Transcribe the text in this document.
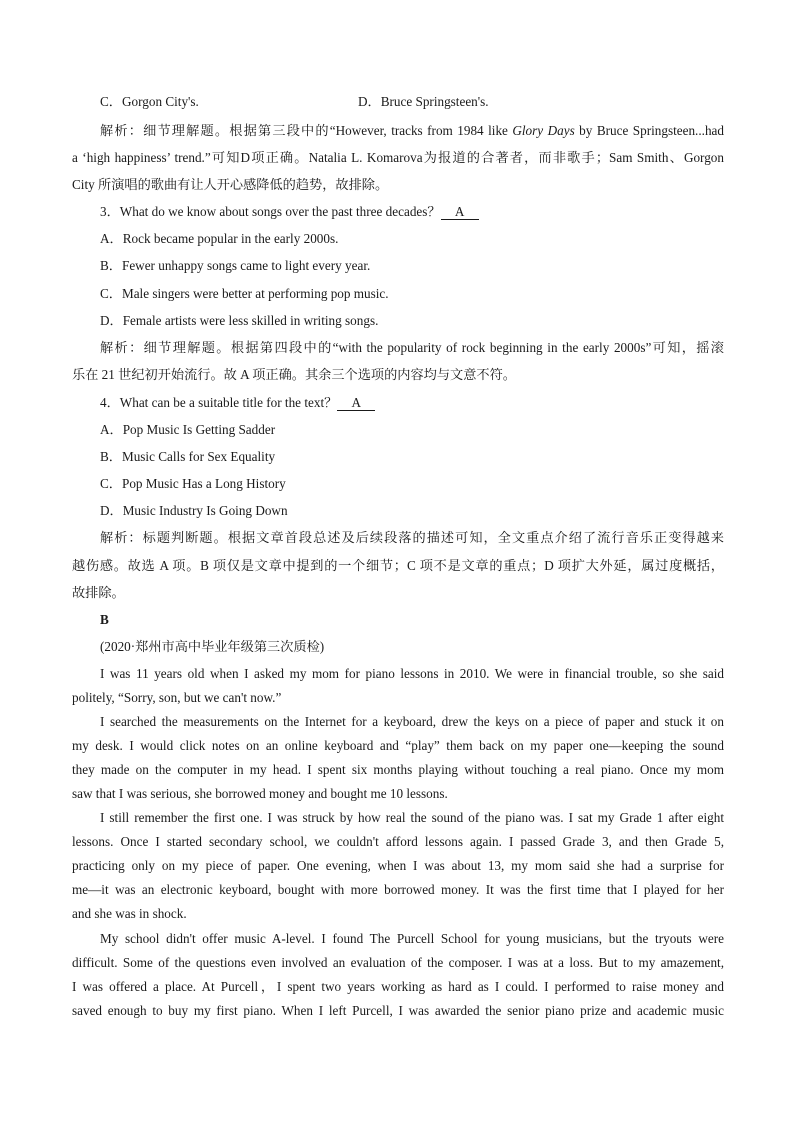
C．Gorgon City's.	D．Bruce Springsteen's.
解析：细节理解题。根据第三段中的“However, tracks from 1984 like Glory Days by Bruce Springsteen...had
a ‘high happiness’ trend.”可知D项正确。Natalia L. Komarova为报道的合著者，而非歌手；Sam Smith、Gorgon
City 所演唱的歌曲有让人开心感降低的趋势，故排除。
3．What do we know about songs over the past three decades？ A
A．Rock became popular in the early 2000s.
B．Fewer unhappy songs came to light every year.
C．Male singers were better at performing pop music.
D．Female artists were less skilled in writing songs.
解析：细节理解题。根据第四段中的“with the popularity of rock beginning in the early 2000s”可知，摇滚
乐在 21 世纪初开始流行。故 A 项正确。其余三个选项的内容均与文意不符。
4．What can be a suitable title for the text？ A
A．Pop Music Is Getting Sadder
B．Music Calls for Sex Equality
C．Pop Music Has a Long History
D．Music Industry Is Going Down
解析：标题判断题。根据文章首段总述及后续段落的描述可知，全文重点介绍了流行音乐正变得越来
越伤感。故选 A 项。B 项仅是文章中提到的一个细节；C 项不是文章的重点；D 项扩大外延，属过度概括，
故排除。
B
(2020·郑州市高中毕业年级第三次质检)
I was 11 years old when I asked my mom for piano lessons in 2010. We were in financial trouble, so she said
politely, “Sorry, son, but we can't now.”
I searched the measurements on the Internet for a keyboard, drew the keys on a piece of paper and stuck it on
my desk. I would click notes on an online keyboard and “play” them back on my paper one—keeping the sound
they made on the computer in my head. I spent six months playing without touching a real piano. Once my mom
saw that I was serious, she borrowed money and bought me 10 lessons.
I still remember the first one. I was struck by how real the sound of the piano was. I sat my Grade 1 after eight
lessons. Once I started secondary school, we couldn't afford lessons again. I passed Grade 3, and then Grade 5,
practicing only on my piece of paper. One evening, when I was about 13, my mom said she had a surprise for
me—it was an electronic keyboard, bought with more borrowed money. It was the first time that I played for her
and she was in shock.
My school didn't offer music A-level. I found The Purcell School for young musicians, but the tryouts were
difficult. Some of the questions even involved an evaluation of the composer. I was at a loss. But to my amazement,
I was offered a place. At Purcell，I spent two years working as hard as I could. I performed to raise money and
saved enough to buy my first piano. When I left Purcell, I was awarded the senior piano prize and academic music
